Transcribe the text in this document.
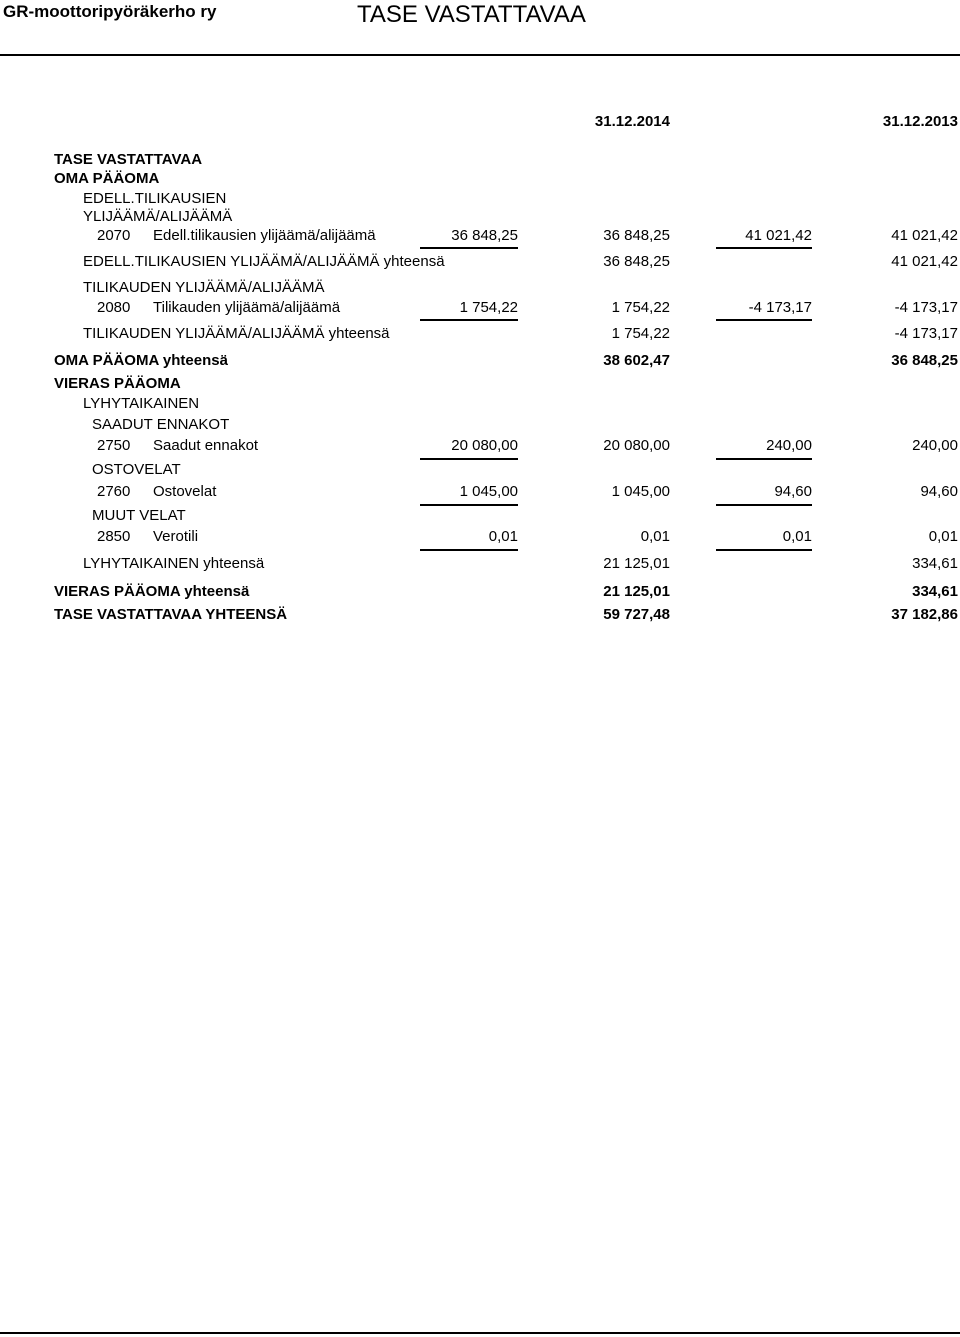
GR-moottoripyöräkerho ry	TASE VASTATTAVAA
31.12.2014	31.12.2013
TASE VASTATTAVAA
OMA PÄÄOMA
EDELL.TILIKAUSIEN
YLIJÄÄMÄ/ALIJÄÄMÄ
2070 Edell.tilikausien ylijäämä/alijäämä	36 848,25	36 848,25	41 021,42	41 021,42
EDELL.TILIKAUSIEN YLIJÄÄMÄ/ALIJÄÄMÄ yhteensä	36 848,25	41 021,42
TILIKAUDEN YLIJÄÄMÄ/ALIJÄÄMÄ
2080 Tilikauden ylijäämä/alijäämä	1 754,22	1 754,22	-4 173,17	-4 173,17
TILIKAUDEN YLIJÄÄMÄ/ALIJÄÄMÄ yhteensä	1 754,22	-4 173,17
OMA PÄÄOMA yhteensä	38 602,47	36 848,25
VIERAS PÄÄOMA
LYHYTAIKAINEN
SAADUT ENNAKOT
2750 Saadut ennakot	20 080,00	20 080,00	240,00	240,00
OSTOVELAT
2760 Ostovelat	1 045,00	1 045,00	94,60	94,60
MUUT VELAT
2850 Verotili	0,01	0,01	0,01	0,01
LYHYTAIKAINEN yhteensä	21 125,01	334,61
VIERAS PÄÄOMA yhteensä	21 125,01	334,61
TASE VASTATTAVAA YHTEENSÄ	59 727,48	37 182,86
